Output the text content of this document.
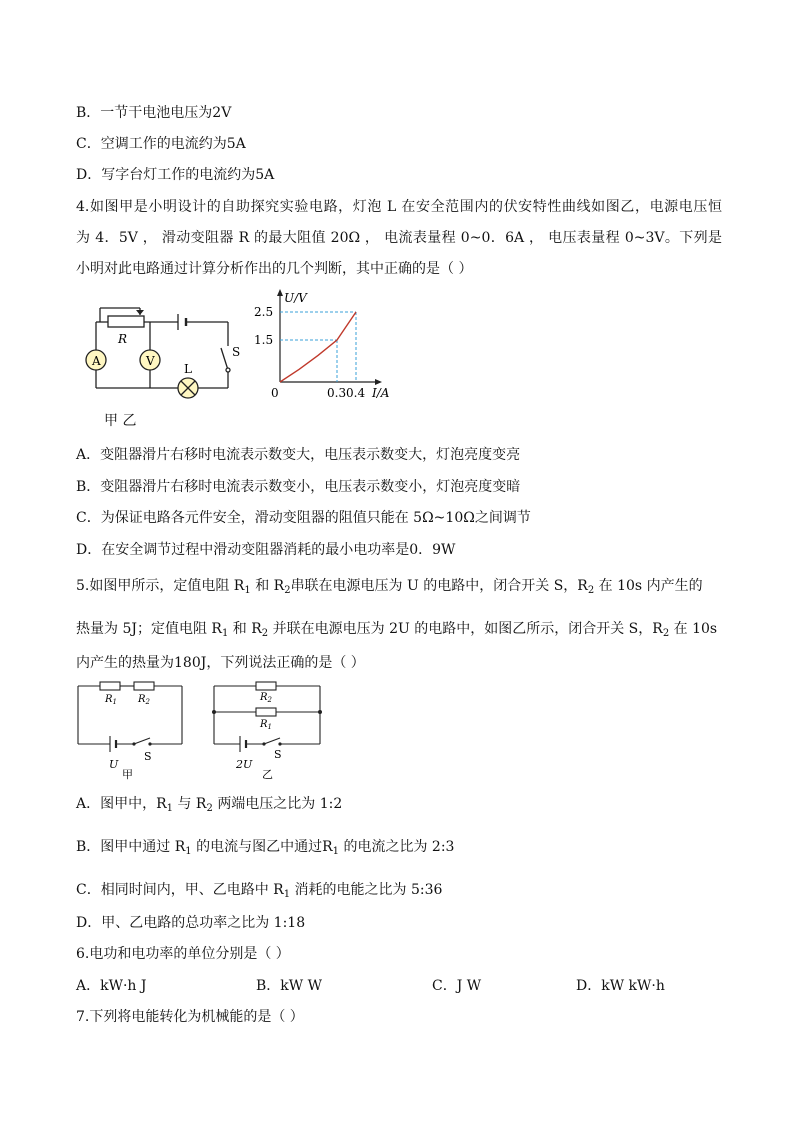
B．一节干电池电压为2V
C．空调工作的电流约为5A
D．写字台灯工作的电流约为5A
4.如图甲是小明设计的自助探究实验电路，灯泡 L 在安全范围内的伏安特性曲线如图乙，电源电压恒
为 4．5V ， 滑动变阻器 R 的最大阻值 20Ω ， 电流表量程 0~0．6A ， 电压表量程 0~3V。下列是
小明对此电路通过计算分析作出的几个判断，其中正确的是（ ）
A	V
R
L
S
2.5
1.5
0.3 0.4
0
U/V
I/A
甲 乙
A．变阻器滑片右移时电流表示数变大，电压表示数变大，灯泡亮度变亮
B．变阻器滑片右移时电流表示数变小，电压表示数变小，灯泡亮度变暗
C．为保证电路各元件安全，滑动变阻器的阻值只能在 5Ω~10Ω之间调节
D．在安全调节过程中滑动变阻器消耗的最小电功率是0．9W
5.如图甲所示，定值电阻 $R_1$ 和 $R_2$串联在电源电压为 U 的电路中，闭合开关 S，$R_2$ 在 10s 内产生的
热量为 5J；定值电阻 $R_1$ 和 $R_2$ 并联在电源电压为 2U 的电路中，如图乙所示，闭合开关 S，$R_2$ 在 10s
内产生的热量为180J，下列说法正确的是（ ）
$R_1$ $R_2$
S
U
甲
$R_2$
$R_1$
S
2U
乙
A．图甲中，$R_1$ 与 $R_2$ 两端电压之比为 1:2
B．图甲中通过 $R_1$ 的电流与图乙中通过$R_1$ 的电流之比为 2:3
C．相同时间内，甲、乙电路中 $R_1$ 消耗的电能之比为 5:36
D．甲、乙电路的总功率之比为 1:18
6.电功和电功率的单位分别是（ ）
A．kW·h J	B．kW W	C．J W	D．kW kW·h
7.下列将电能转化为机械能的是（ ）
